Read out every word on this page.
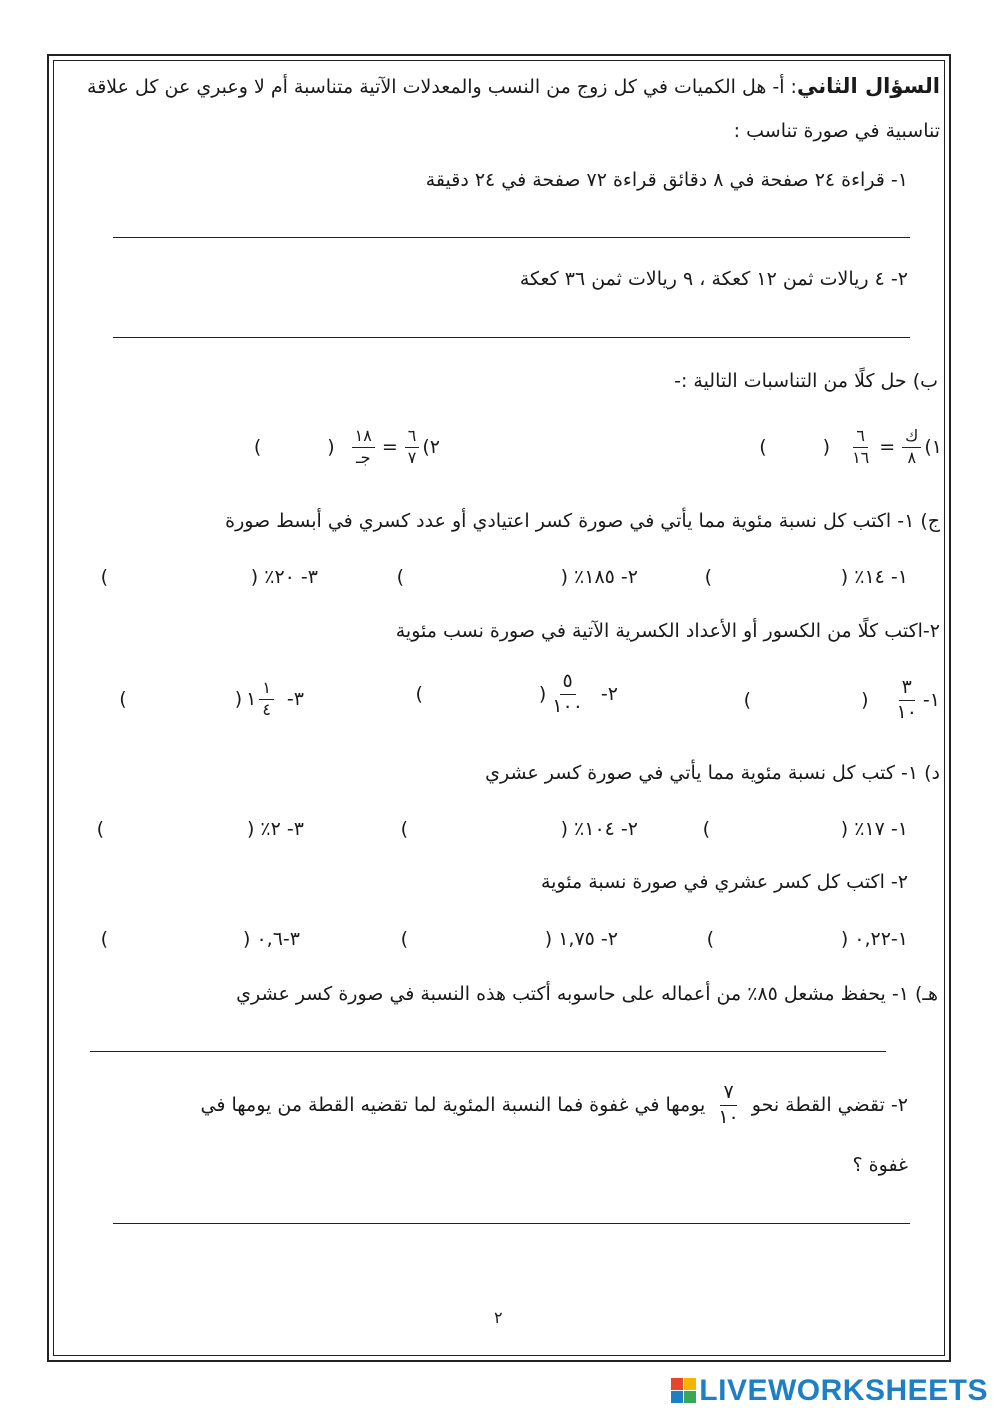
السؤال الثاني: أ- هل الكميات في كل زوج من النسب والمعدلات الآتية متناسبة أم لا وعبري عن كل علاقة
تناسبية في صورة تناسب :
١- قراءة ٢٤ صفحة في ٨ دقائق قراءة ٧٢ صفحة في ٢٤ دقيقة
٢- ٤ ريالات ثمن ١٢ كعكة ، ٩ ريالات ثمن ٣٦ كعكة
ب) حل كلًا من التناسبات التالية :-
١)
$\frac{\text{ك}}{٨}$
=
$\frac{٦}{١٦}$
(
)
٢)
$\frac{٦}{٧}$
=
$\frac{١٨}{\text{جـ}}$
(
)
ج) ١- اكتب كل نسبة مئوية مما يأتي في صورة كسر اعتيادي أو عدد كسري في أبسط صورة
١- ١٤٪ (
)
٢- ١٨٥٪ (
)
٣- ٢٠٪ (
)
٢-اكتب كلًا من الكسور أو الأعداد الكسرية الآتية في صورة نسب مئوية
١-
$\frac{٣}{١٠}$
(
)
٢-
$\frac{٥}{١٠٠}$
(
)
٣-
١ $\frac{١}{٤}$
(
)
د) ١- كتب كل نسبة مئوية مما يأتي في صورة كسر عشري
١- ١٧٪ (
)
٢- ١٠٤٪ (
)
٣- ٢٪ (
)
٢- اكتب كل كسر عشري في صورة نسبة مئوية
١-٠,٢٢ (
)
٢- ١,٧٥ (
)
٣-٠,٦ (
)
هـ) ١- يحفظ مشعل ٨٥٪ من أعماله على حاسوبه أكتب هذه النسبة في صورة كسر عشري
٢- تقضي القطة نحو
$\frac{٧}{١٠}$
يومها في غفوة فما النسبة المئوية لما تقضيه القطة من يومها في
غفوة ؟
٢
LIVEWORKSHEETS
